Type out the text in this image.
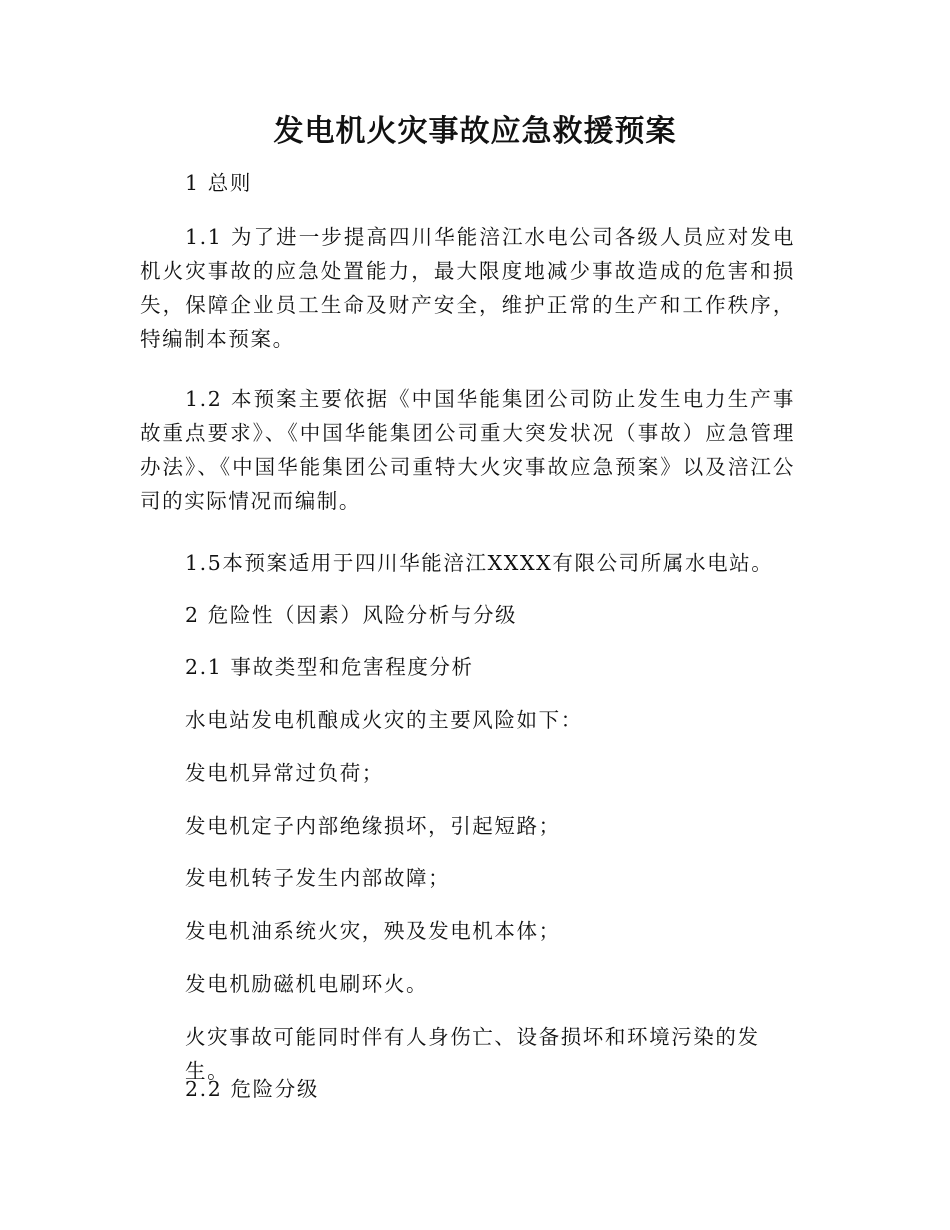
发电机火灾事故应急救援预案

1 总则

1.1 为了进一步提高四川华能涪江水电公司各级人员应对发电机火灾事故的应急处置能力，最大限度地减少事故造成的危害和损失，保障企业员工生命及财产安全，维护正常的生产和工作秩序，特编制本预案。

1.2 本预案主要依据《中国华能集团公司防止发生电力生产事故重点要求》、《中国华能集团公司重大突发状况（事故）应急管理办法》、《中国华能集团公司重特大火灾事故应急预案》以及涪江公司的实际情况而编制。

1.5本预案适用于四川华能涪江XXXX有限公司所属水电站。

2 危险性（因素）风险分析与分级

2.1 事故类型和危害程度分析

水电站发电机酿成火灾的主要风险如下：

发电机异常过负荷；

发电机定子内部绝缘损坏，引起短路；

发电机转子发生内部故障；

发电机油系统火灾，殃及发电机本体；

发电机励磁机电刷环火。

火灾事故可能同时伴有人身伤亡、设备损坏和环境污染的发生。

2.2 危险分级
